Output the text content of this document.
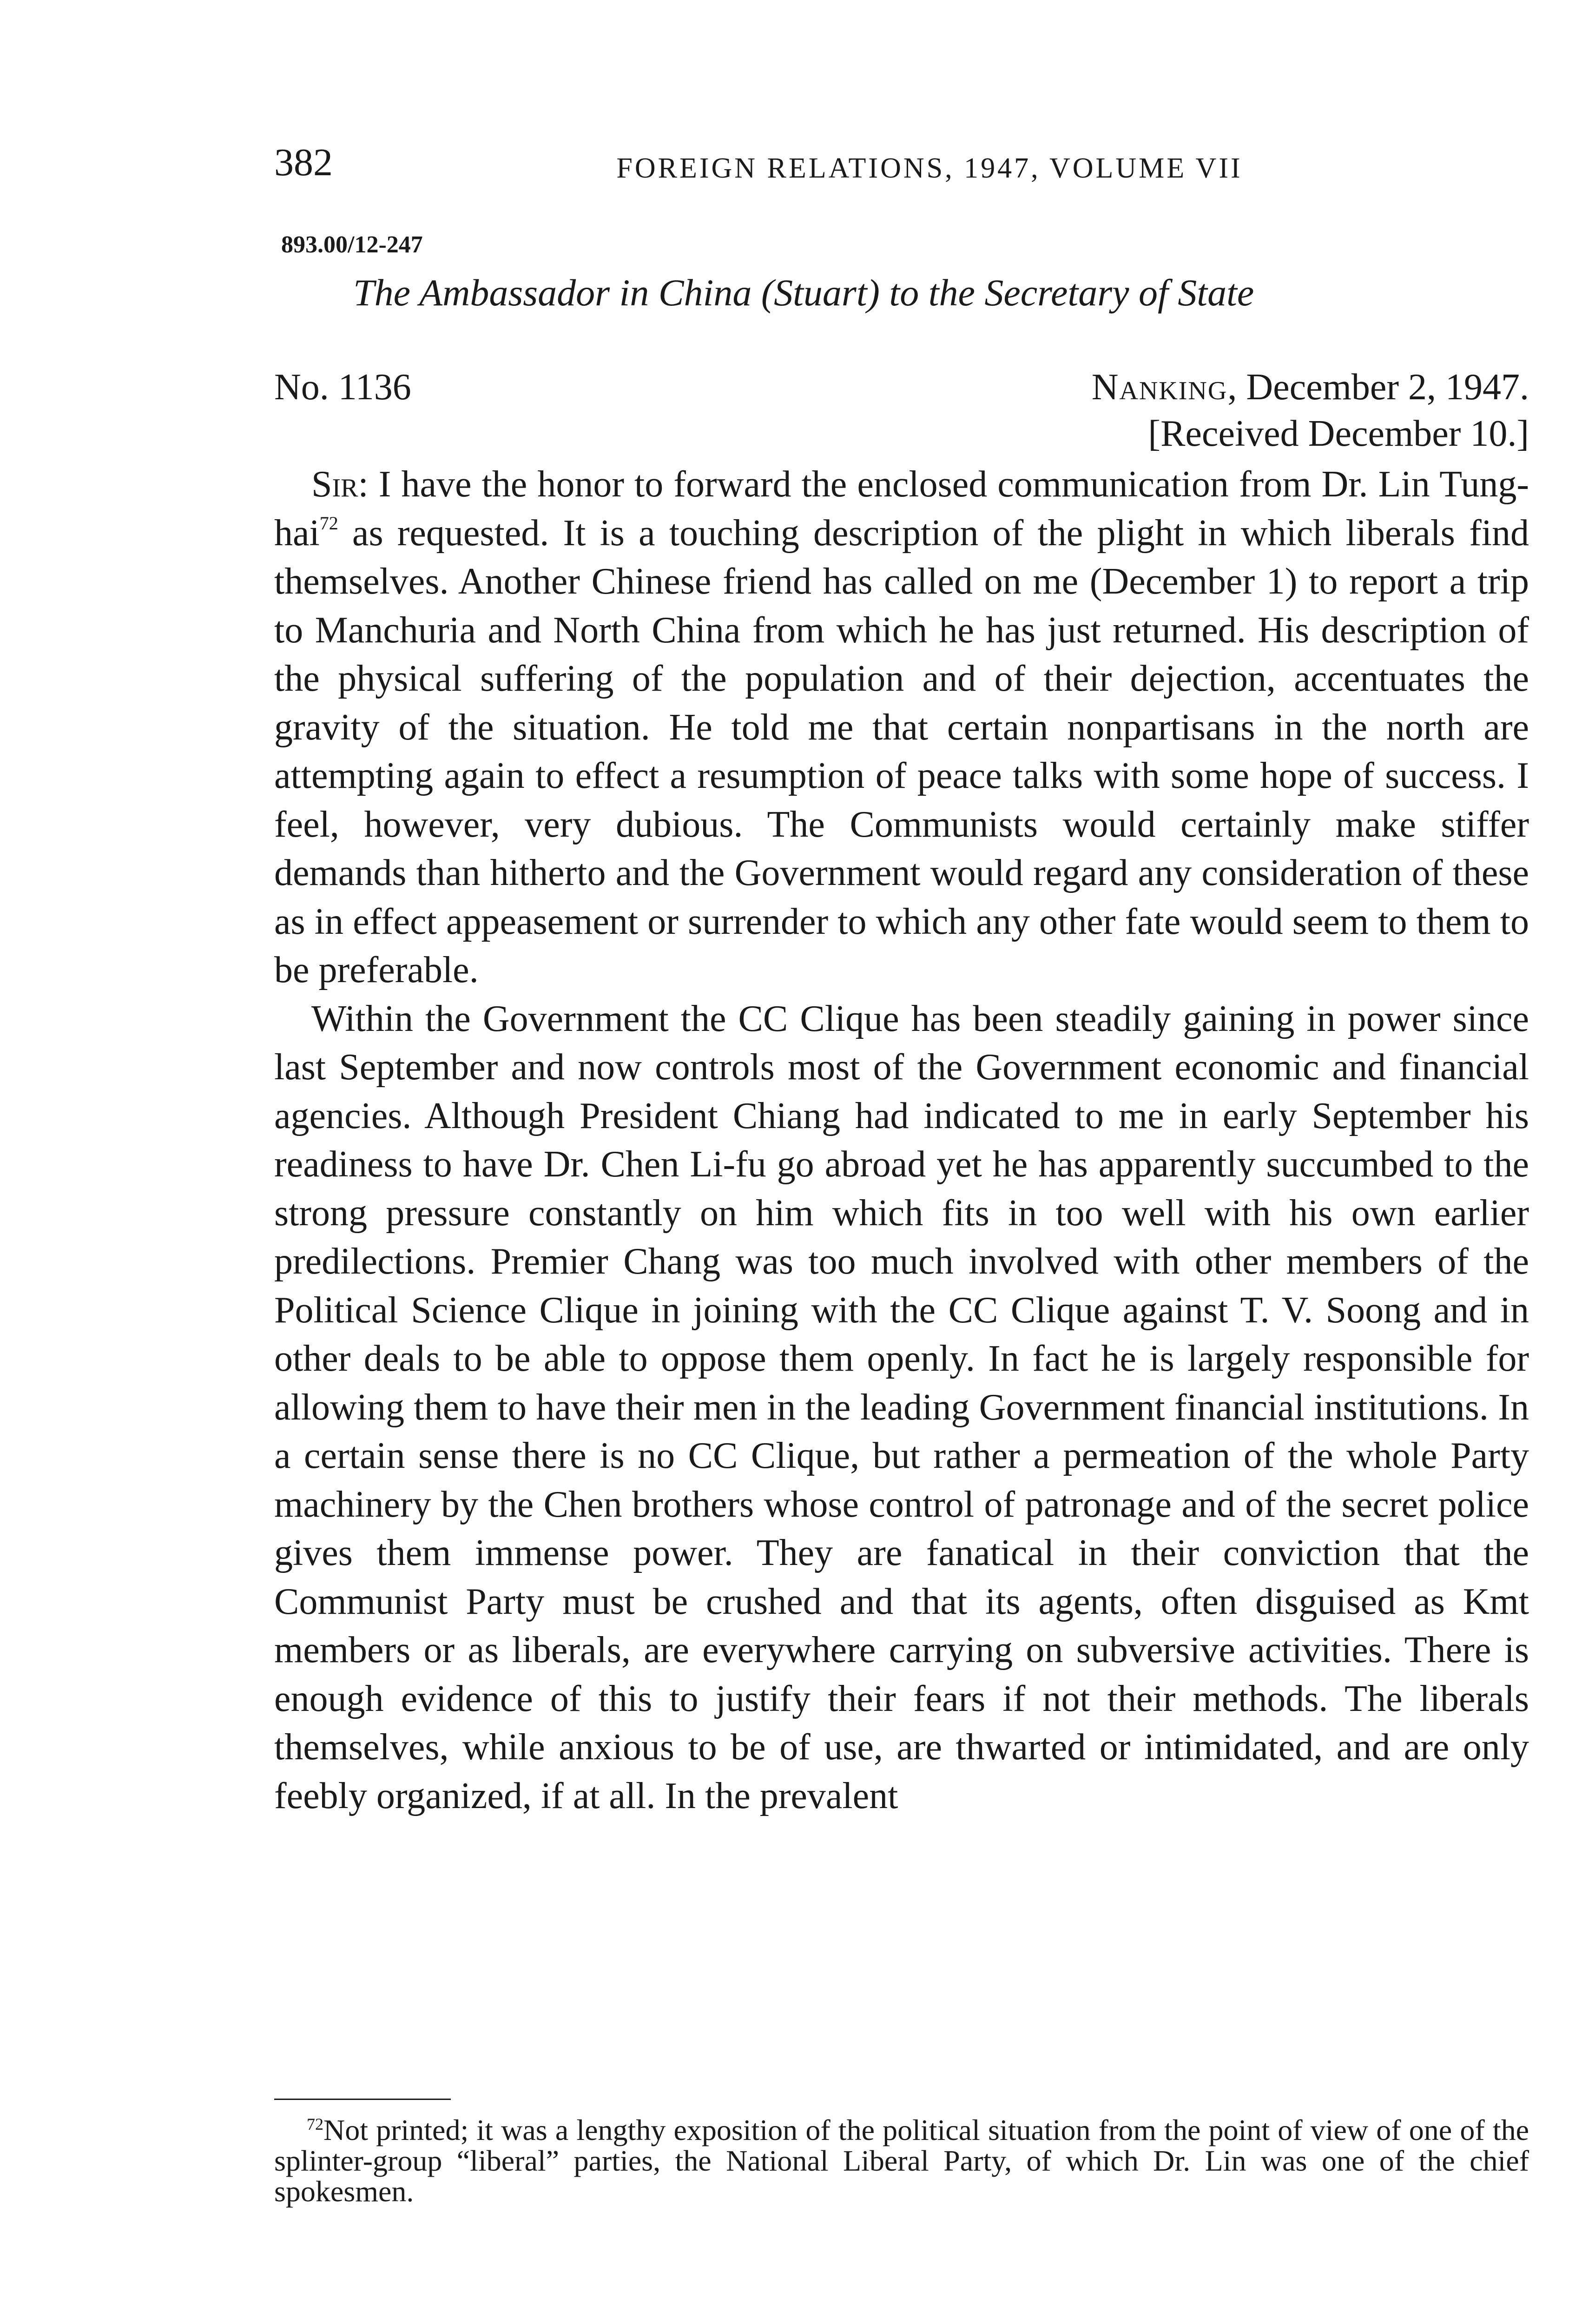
382	FOREIGN RELATIONS, 1947, VOLUME VII
893.00/12-247
The Ambassador in China (Stuart) to the Secretary of State
No. 1136	Nanking, December 2, 1947.
[Received December 10.]

Sir: I have the honor to forward the enclosed communication from Dr. Lin Tung-hai$^{72}$ as requested. It is a touching description of the plight in which liberals find themselves. Another Chinese friend has called on me (December 1) to report a trip to Manchuria and North China from which he has just returned. His description of the physical suffering of the population and of their dejection, accentuates the gravity of the situation. He told me that certain nonpartisans in the north are attempting again to effect a resumption of peace talks with some hope of success. I feel, however, very dubious. The Communists would certainly make stiffer demands than hitherto and the Government would regard any consideration of these as in effect appeasement or surrender to which any other fate would seem to them to be preferable.

Within the Government the CC Clique has been steadily gaining in power since last September and now controls most of the Government economic and financial agencies. Although President Chiang had indicated to me in early September his readiness to have Dr. Chen Li-fu go abroad yet he has apparently succumbed to the strong pressure constantly on him which fits in too well with his own earlier predilections. Premier Chang was too much involved with other members of the Political Science Clique in joining with the CC Clique against T. V. Soong and in other deals to be able to oppose them openly. In fact he is largely responsible for allowing them to have their men in the leading Government financial institutions. In a certain sense there is no CC Clique, but rather a permeation of the whole Party machinery by the Chen brothers whose control of patronage and of the secret police gives them immense power. They are fanatical in their conviction that the Communist Party must be crushed and that its agents, often disguised as Kmt members or as liberals, are everywhere carrying on subversive activities. There is enough evidence of this to justify their fears if not their methods. The liberals themselves, while anxious to be of use, are thwarted or intimidated, and are only feebly organized, if at all. In the prevalent

$^{72}$Not printed; it was a lengthy exposition of the political situation from the point of view of one of the splinter-group “liberal” parties, the National Liberal Party, of which Dr. Lin was one of the chief spokesmen.
